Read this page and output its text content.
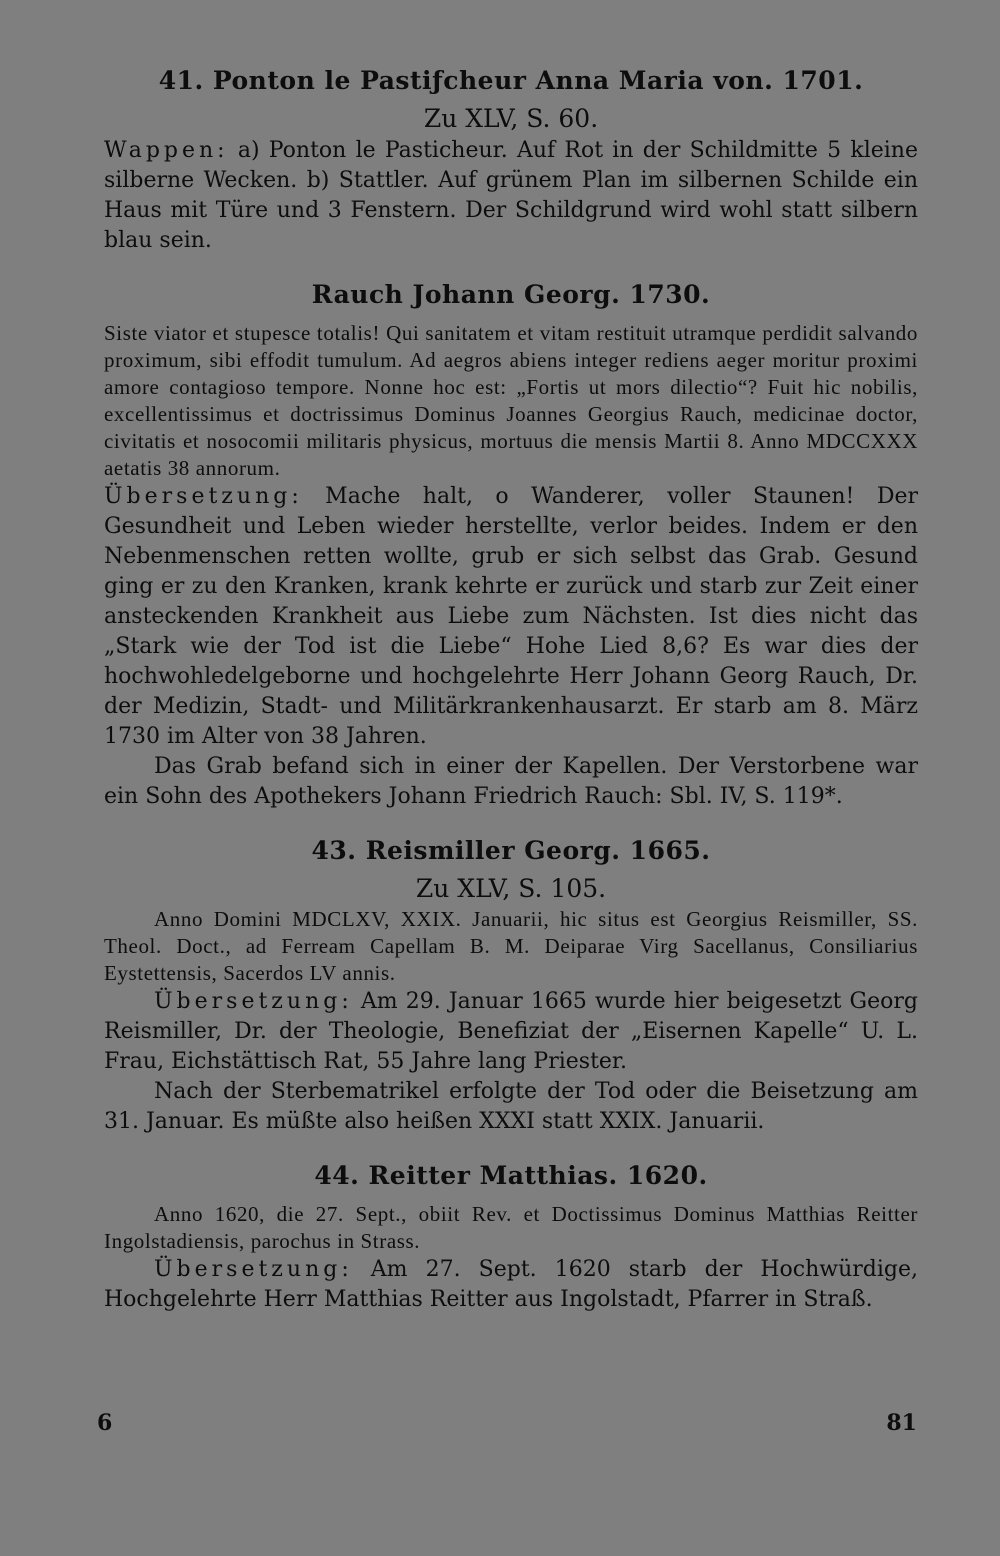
41. Ponton le Pastiƒcheur Anna Maria von. 1701.
Zu XLV, S. 60.

Wappen: a) Ponton le Pasticheur. Auf Rot in der Schildmitte 5 kleine silberne Wecken. b) Stattler. Auf grünem Plan im silbernen Schilde ein Haus mit Türe und 3 Fenstern. Der Schildgrund wird wohl statt silbern blau sein.

Rauch Johann Georg. 1730.

Siste viator et stupesce totalis! Qui sanitatem et vitam restituit utramque perdidit salvando proximum, sibi effodit tumulum. Ad aegros abiens integer rediens aeger moritur proximi amore contagioso tempore. Nonne hoc est: „Fortis ut mors dilectio“? Fuit hic nobilis, excellentissimus et doctrissimus Dominus Joannes Georgius Rauch, medicinae doctor, civitatis et nosocomii militaris physicus, mortuus die mensis Martii 8. Anno MDCCXXX aetatis 38 annorum.

Übersetzung: Mache halt, o Wanderer, voller Staunen! Der Gesundheit und Leben wieder herstellte, verlor beides. Indem er den Nebenmenschen retten wollte, grub er sich selbst das Grab. Gesund ging er zu den Kranken, krank kehrte er zurück und starb zur Zeit einer ansteckenden Krankheit aus Liebe zum Nächsten. Ist dies nicht das „Stark wie der Tod ist die Liebe“ Hohe Lied 8,6? Es war dies der hochwohledelgeborne und hochgelehrte Herr Johann Georg Rauch, Dr. der Medizin, Stadt- und Militärkrankenhausarzt. Er starb am 8. März 1730 im Alter von 38 Jahren.

Das Grab befand sich in einer der Kapellen. Der Verstorbene war ein Sohn des Apothekers Johann Friedrich Rauch: Sbl. IV, S. 119*.

43. Reismiller Georg. 1665.
Zu XLV, S. 105.

Anno Domini MDCLXV, XXIX. Januarii, hic situs est Georgius Reismiller, SS. Theol. Doct., ad Ferream Capellam B. M. Deiparae Virg Sacellanus, Consiliarius Eystettensis, Sacerdos LV annis.

Übersetzung: Am 29. Januar 1665 wurde hier beigesetzt Georg Reismiller, Dr. der Theologie, Benefiziat der „Eisernen Kapelle“ U. L. Frau, Eichstättisch Rat, 55 Jahre lang Priester.

Nach der Sterbematrikel erfolgte der Tod oder die Beisetzung am 31. Januar. Es müßte also heißen XXXI statt XXIX. Januarii.

44. Reitter Matthias. 1620.

Anno 1620, die 27. Sept., obiit Rev. et Doctissimus Dominus Matthias Reitter Ingolstadiensis, parochus in Strass.

Übersetzung: Am 27. Sept. 1620 starb der Hochwürdige, Hochgelehrte Herr Matthias Reitter aus Ingolstadt, Pfarrer in Straß.

6	81
